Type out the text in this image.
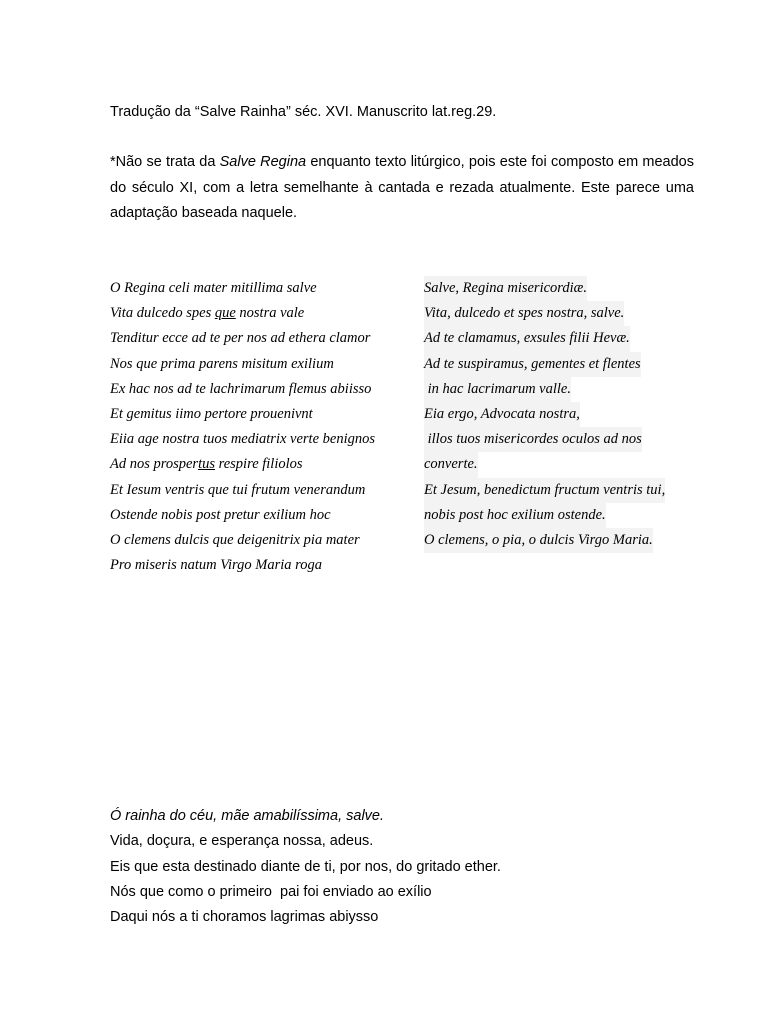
Tradução da “Salve Rainha” séc. XVI. Manuscrito lat.reg.29.
*Não se trata da Salve Regina enquanto texto litúrgico, pois este foi composto em meados do século XI, com a letra semelhante à cantada e rezada atualmente. Este parece uma adaptação baseada naquele.

O Regina celi mater mitillima salve

Vita dulcedo spes que nostra vale

Tenditur ecce ad te per nos ad ethera clamor

Nos que prima parens misitum exilium

Ex hac nos ad te lachrimarum flemus abiisso

Et gemitus iimo pertore prouenivnt

Eiia age nostra tuos mediatrix verte benignos

Ad nos prospertus respire filiolos

Et Iesum ventris que tui frutum venerandum

Ostende nobis post pretur exilium hoc

O clemens dulcis que deigenitrix pia mater

Pro miseris natum Virgo Maria roga

Salve, Regina misericordiæ.

Vita, dulcedo et spes nostra, salve.

Ad te clamamus, exsules filii Hevæ.

Ad te suspiramus, gementes et flentes

in hac lacrimarum valle.

Eia ergo, Advocata nostra,

illos tuos misericordes oculos ad nos

converte.

Et Jesum, benedictum fructum ventris tui,

nobis post hoc exilium ostende.

O clemens, o pia, o dulcis Virgo Maria.

Ó rainha do céu, mãe amabilíssima, salve.

Vida, doçura, e esperança nossa, adeus.

Eis que esta destinado diante de ti, por nos, do gritado ether.

Nós que como o primeiro  pai foi enviado ao exílio

Daqui nós a ti choramos lagrimas abiysso
